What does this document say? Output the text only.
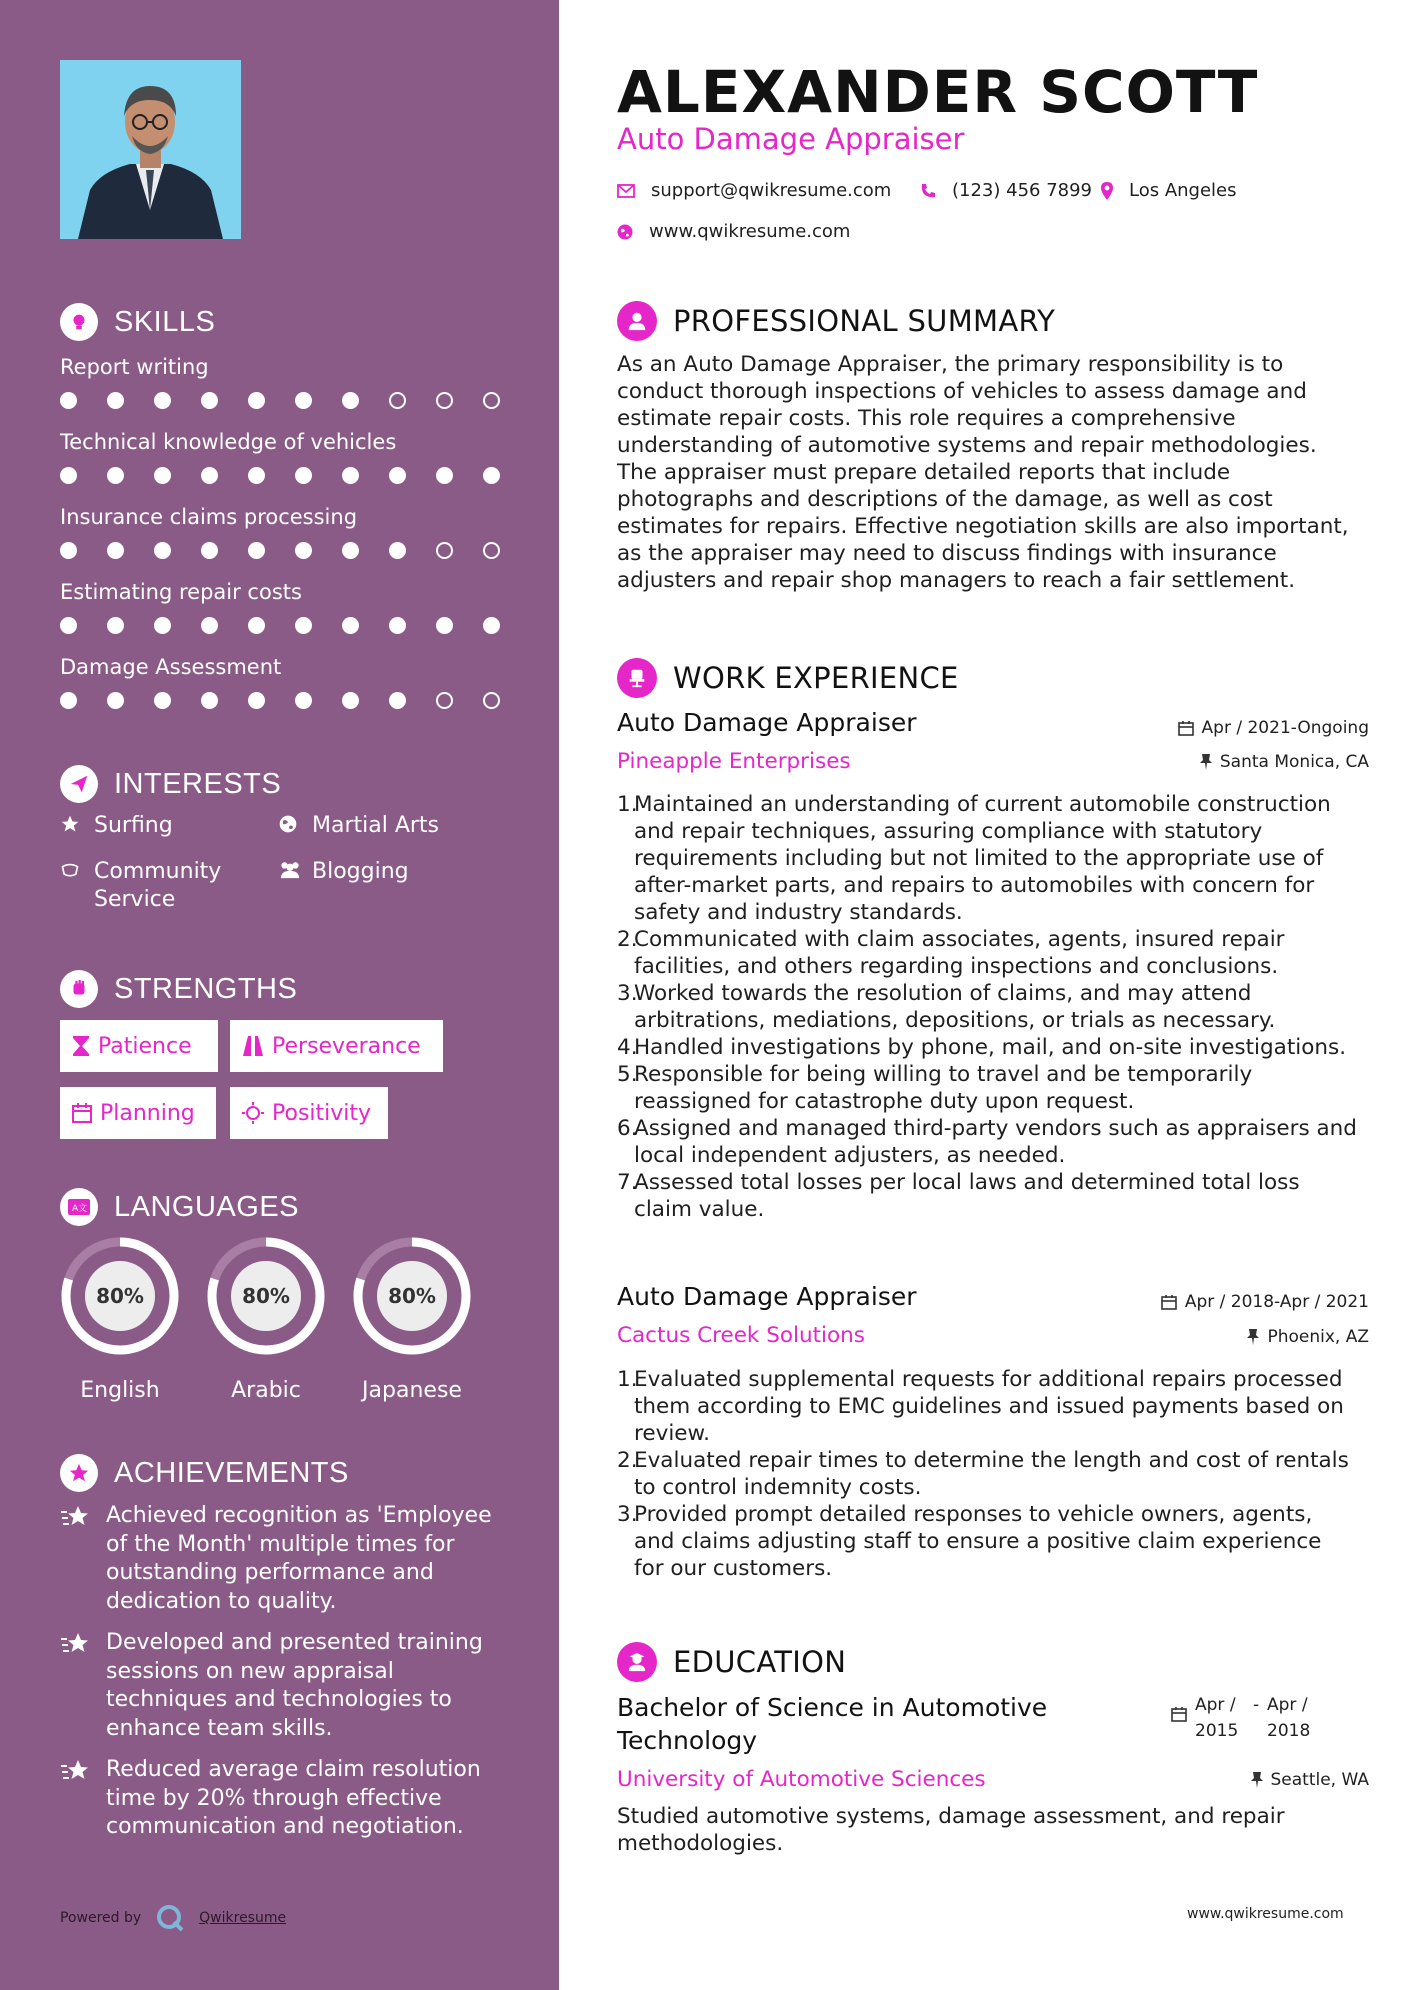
SKILLS
Report writing
Technical knowledge of vehicles
Insurance claims processing
Estimating repair costs
Damage Assessment
INTERESTS
Surfing	Martial Arts
Community Service
Blogging
STRENGTHS
Patience	Perseverance
Planning	Positivity
A文 LANGUAGES
80%
English
80%
Arabic
80%
Japanese
ACHIEVEMENTS
Achieved recognition as 'Employee of the Month' multiple times for outstanding performance and dedication to quality.
Developed and presented training sessions on new appraisal techniques and technologies to enhance team skills.
Reduced average claim resolution time by 20% through effective communication and negotiation.
Powered by	Qwikresume
ALEXANDER SCOTT
Auto Damage Appraiser
support@qwikresume.com	(123) 456 7899 Los Angeles
www.qwikresume.com
PROFESSIONAL SUMMARY
As an Auto Damage Appraiser, the primary responsibility is to conduct thorough inspections of vehicles to assess damage and estimate repair costs. This role requires a comprehensive understanding of automotive systems and repair methodologies. The appraiser must prepare detailed reports that include photographs and descriptions of the damage, as well as cost estimates for repairs. Effective negotiation skills are also important, as the appraiser may need to discuss findings with insurance adjusters and repair shop managers to reach a fair settlement.
WORK EXPERIENCE
Auto Damage Appraiser	Apr / 2021-Ongoing
Pineapple Enterprises	Santa Monica, CA
Maintained an understanding of current automobile construction and repair techniques, assuring compliance with statutory requirements including but not limited to the appropriate use of after-market parts, and repairs to automobiles with concern for safety and industry standards.
Communicated with claim associates, agents, insured repair facilities, and others regarding inspections and conclusions.
Worked towards the resolution of claims, and may attend arbitrations, mediations, depositions, or trials as necessary.
Handled investigations by phone, mail, and on-site investigations.
Responsible for being willing to travel and be temporarily reassigned for catastrophe duty upon request.
Assigned and managed third-party vendors such as appraisers and local independent adjusters, as needed.
Assessed total losses per local laws and determined total loss claim value.
Auto Damage Appraiser	Apr / 2018-Apr / 2021
Cactus Creek Solutions	Phoenix, AZ
Evaluated supplemental requests for additional repairs processed them according to EMC guidelines and issued payments based on review.
Evaluated repair times to determine the length and cost of rentals to control indemnity costs.
Provided prompt detailed responses to vehicle owners, agents, and claims adjusting staff to ensure a positive claim experience for our customers.
EDUCATION
Bachelor of Science in Automotive Technology
Apr / 2015
- Apr / 2018
University of Automotive Sciences	Seattle, WA
Studied automotive systems, damage assessment, and repair methodologies.
www.qwikresume.com
